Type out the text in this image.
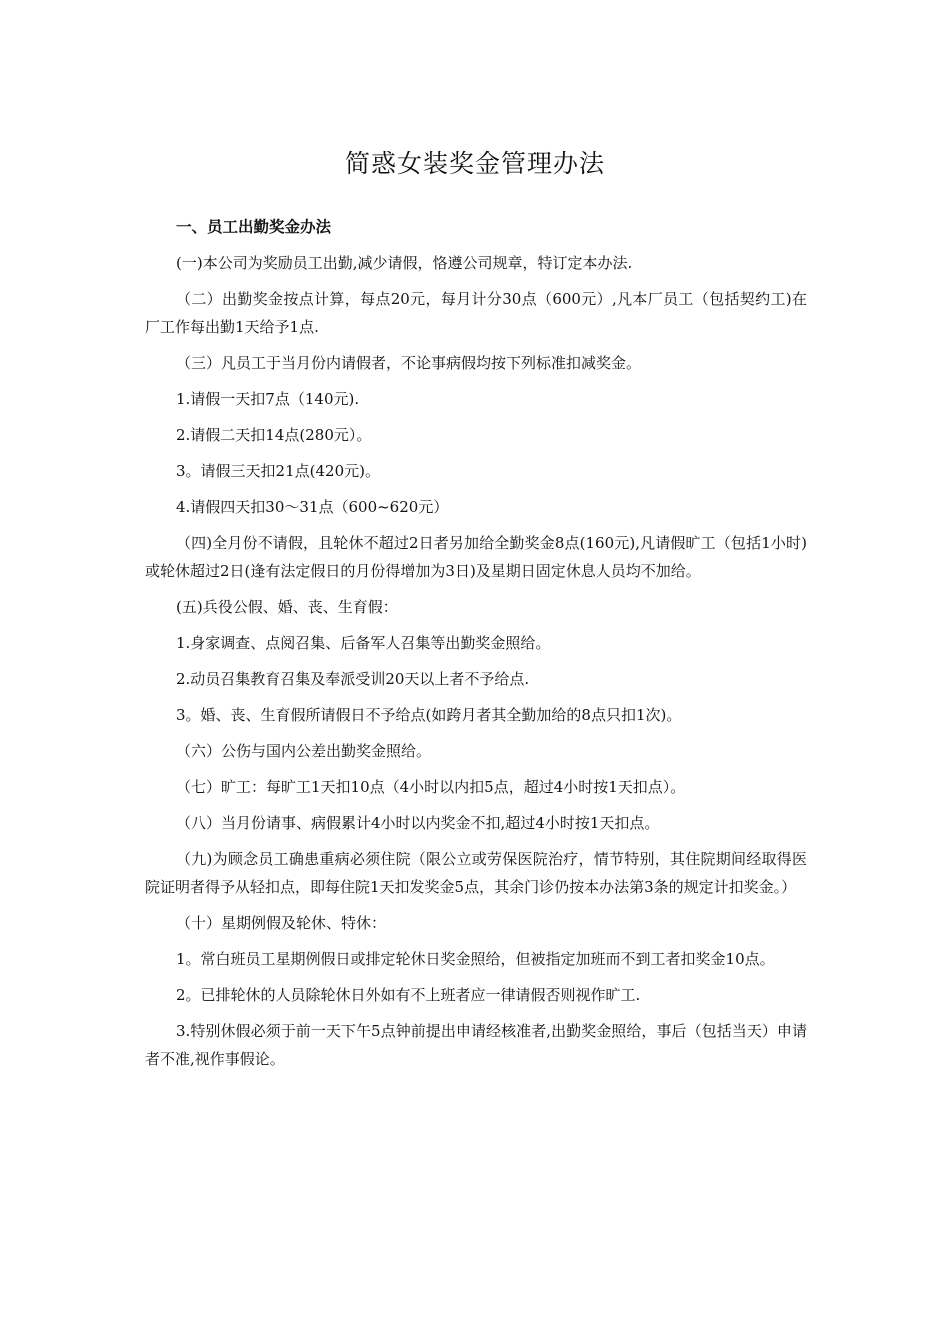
简惑女装奖金管理办法
一、员工出勤奖金办法

(一)本公司为奖励员工出勤,减少请假，恪遵公司规章，特订定本办法.

（二）出勤奖金按点计算，每点20元，每月计分30点（600元）,凡本厂员工（包括契约工)在厂工作每出勤1天给予1点.

（三）凡员工于当月份内请假者，不论事病假均按下列标准扣减奖金。

1.请假一天扣7点（140元).

2.请假二天扣14点(280元）。

3。请假三天扣21点(420元)。

4.请假四天扣30～31点（600~620元）

（四)全月份不请假，且轮休不超过2日者另加给全勤奖金8点(160元),凡请假旷工（包括1小时)或轮休超过2日(逢有法定假日的月份得增加为3日)及星期日固定休息人员均不加给。

(五)兵役公假、婚、丧、生育假：

1.身家调查、点阅召集、后备军人召集等出勤奖金照给。

2.动员召集教育召集及奉派受训20天以上者不予给点.

3。婚、丧、生育假所请假日不予给点(如跨月者其全勤加给的8点只扣1次)。

（六）公伤与国内公差出勤奖金照给。

（七）旷工：每旷工1天扣10点（4小时以内扣5点，超过4小时按1天扣点）。

（八）当月份请事、病假累计4小时以内奖金不扣,超过4小时按1天扣点。

（九)为顾念员工确患重病必须住院（限公立或劳保医院治疗，情节特别，其住院期间经取得医院证明者得予从轻扣点，即每住院1天扣发奖金5点，其余门诊仍按本办法第3条的规定计扣奖金。）

（十）星期例假及轮休、特休：

1。常白班员工星期例假日或排定轮休日奖金照给，但被指定加班而不到工者扣奖金10点。

2。已排轮休的人员除轮休日外如有不上班者应一律请假否则视作旷工.

3.特别休假必须于前一天下午5点钟前提出申请经核准者,出勤奖金照给，事后（包括当天）申请者不准,视作事假论。
